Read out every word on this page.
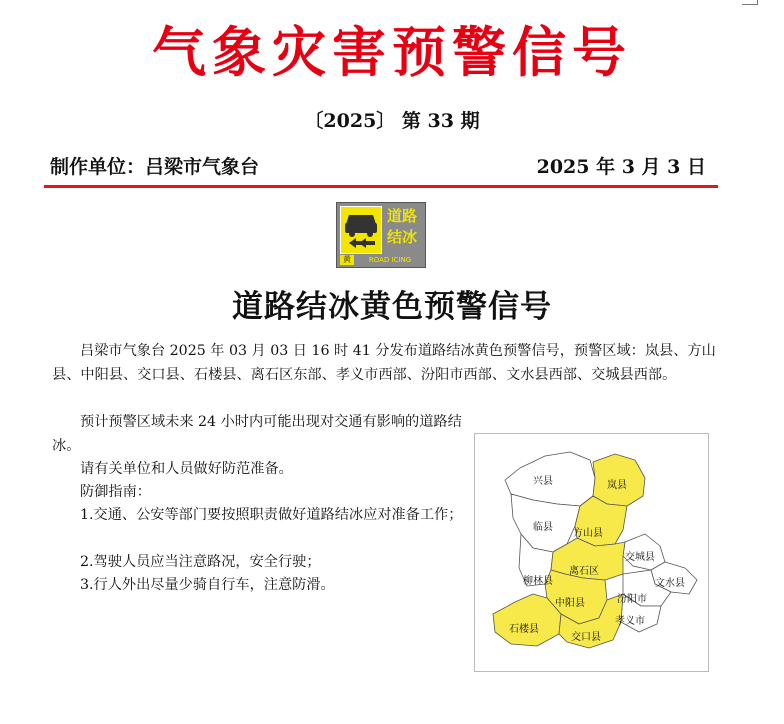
气象灾害预警信号
〔2025〕 第 33 期
制作单位：吕梁市气象台	2025 年 3 月 3 日
道路
结冰
黄	ROAD ICING
道路结冰黄色预警信号
吕梁市气象台 2025 年 03 月 03 日 16 时 41 分发布道路结冰黄色预警信号，预警区域：岚县、方山县、中阳县、交口县、石楼县、离石区东部、孝义市西部、汾阳市西部、文水县西部、交城县西部。
预计预警区域未来 24 小时内可能出现对交通有影响的道路结冰。
请有关单位和人员做好防范准备。
防御指南：
1.交通、公安等部门要按照职责做好道路结冰应对准备工作；
2.驾驶人员应当注意路况，安全行驶；
3.行人外出尽量少骑自行车，注意防滑。
兴县	岚县
临县
方山县
交城县
离石区
柳林县	文水县
中阳县	汾阳市
孝义市
石楼县
交口县
